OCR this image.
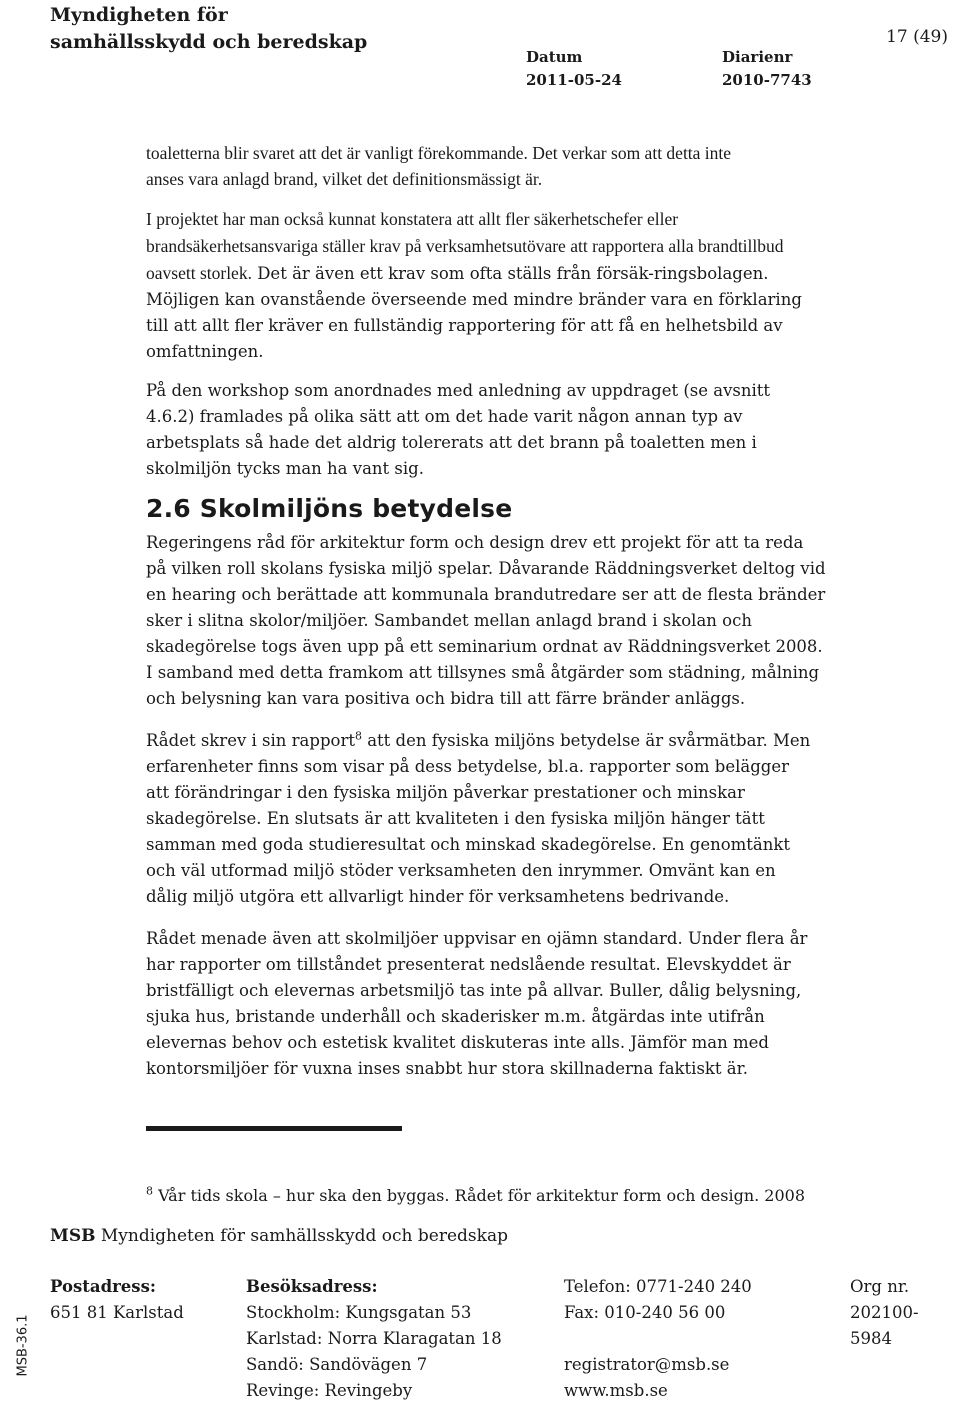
Myndigheten för
samhällsskydd och beredskap	17 (49)
Datum
2011-05-24
Diarienr
2010-7743
toaletterna blir svaret att det är vanligt förekommande. Det verkar som att detta inte anses vara anlagd brand, vilket det definitionsmässigt är.
I projektet har man också kunnat konstatera att allt fler säkerhetschefer eller brandsäkerhetsansvariga ställer krav på verksamhetsutövare att rapportera alla brandtillbud oavsett storlek. Det är även ett krav som ofta ställs från försäk-ringsbolagen. Möjligen kan ovanstående överseende med mindre bränder vara en förklaring till att allt fler kräver en fullständig rapportering för att få en helhetsbild av omfattningen.
På den workshop som anordnades med anledning av uppdraget (se avsnitt 4.6.2) framlades på olika sätt att om det hade varit någon annan typ av arbetsplats så hade det aldrig tolererats att det brann på toaletten men i skolmiljön tycks man ha vant sig.
2.6 Skolmiljöns betydelse
Regeringens råd för arkitektur form och design drev ett projekt för att ta reda på vilken roll skolans fysiska miljö spelar. Dåvarande Räddningsverket deltog vid en hearing och berättade att kommunala brandutredare ser att de flesta bränder sker i slitna skolor/miljöer. Sambandet mellan anlagd brand i skolan och skadegörelse togs även upp på ett seminarium ordnat av Räddningsverket 2008. I samband med detta framkom att tillsynes små åtgärder som städning, målning och belysning kan vara positiva och bidra till att färre bränder anläggs.
Rådet skrev i sin rapport$^8$ att den fysiska miljöns betydelse är svårmätbar. Men erfarenheter finns som visar på dess betydelse, bl.a. rapporter som belägger att förändringar i den fysiska miljön påverkar prestationer och minskar skadegörelse. En slutsats är att kvaliteten i den fysiska miljön hänger tätt samman med goda studieresultat och minskad skadegörelse. En genomtänkt och väl utformad miljö stöder verksamheten den inrymmer. Omvänt kan en dålig miljö utgöra ett allvarligt hinder för verksamhetens bedrivande.
Rådet menade även att skolmiljöer uppvisar en ojämn standard. Under flera år har rapporter om tillståndet presenterat nedslående resultat. Elevskyddet är bristfälligt och elevernas arbetsmiljö tas inte på allvar. Buller, dålig belysning, sjuka hus, bristande underhåll och skaderisker m.m. åtgärdas inte utifrån elevernas behov och estetisk kvalitet diskuteras inte alls. Jämför man med kontorsmiljöer för vuxna inses snabbt hur stora skillnaderna faktiskt är.
$^8$ Vår tids skola – hur ska den byggas. Rådet för arkitektur form och design. 2008
MSB Myndigheten för samhällsskydd och beredskap
Postadress:
651 81 Karlstad
Besöksadress:
Stockholm: Kungsgatan 53
Karlstad: Norra Klaragatan 18
Sandö: Sandövägen 7
Revinge: Revingeby
Telefon: 0771-240 240
Fax: 010-240 56 00
registrator@msb.se
www.msb.se
Org nr.
202100-
5984
MSB-36.1
